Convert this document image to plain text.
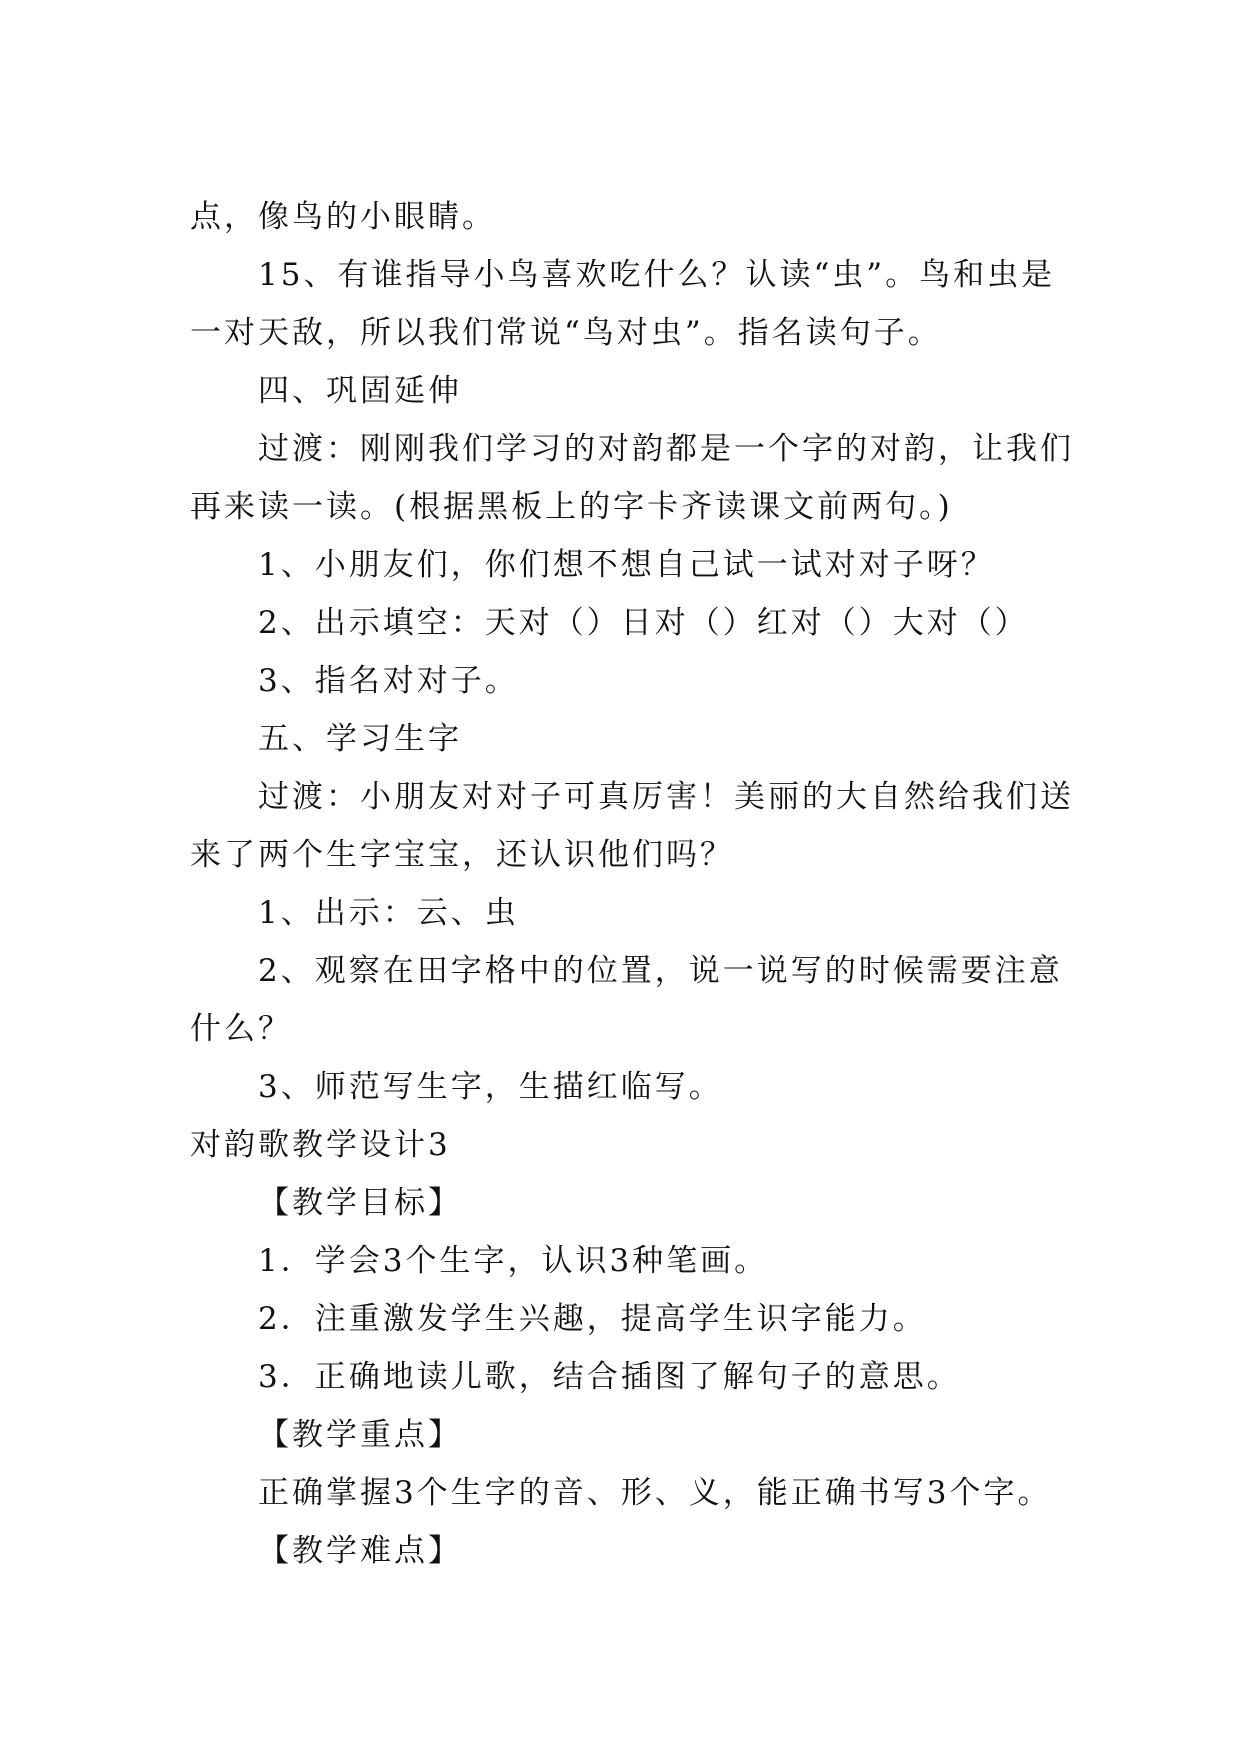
点，像鸟的小眼睛。

15、有谁指导小鸟喜欢吃什么？认读“虫”。鸟和虫是

一对天敌，所以我们常说“鸟对虫”。指名读句子。

四、巩固延伸

过渡：刚刚我们学习的对韵都是一个字的对韵，让我们

再来读一读。(根据黑板上的字卡齐读课文前两句。)

1、小朋友们，你们想不想自己试一试对对子呀？

2、出示填空：天对（）日对（）红对（）大对（）

3、指名对对子。

五、学习生字

过渡：小朋友对对子可真厉害！美丽的大自然给我们送

来了两个生字宝宝，还认识他们吗？

1、出示：云、虫

2、观察在田字格中的位置，说一说写的时候需要注意

什么？

3、师范写生字，生描红临写。

对韵歌教学设计3

【教学目标】

1．学会3个生字，认识3种笔画。

2．注重激发学生兴趣，提高学生识字能力。

3．正确地读儿歌，结合插图了解句子的意思。

【教学重点】

正确掌握3个生字的音、形、义，能正确书写3个字。

【教学难点】
